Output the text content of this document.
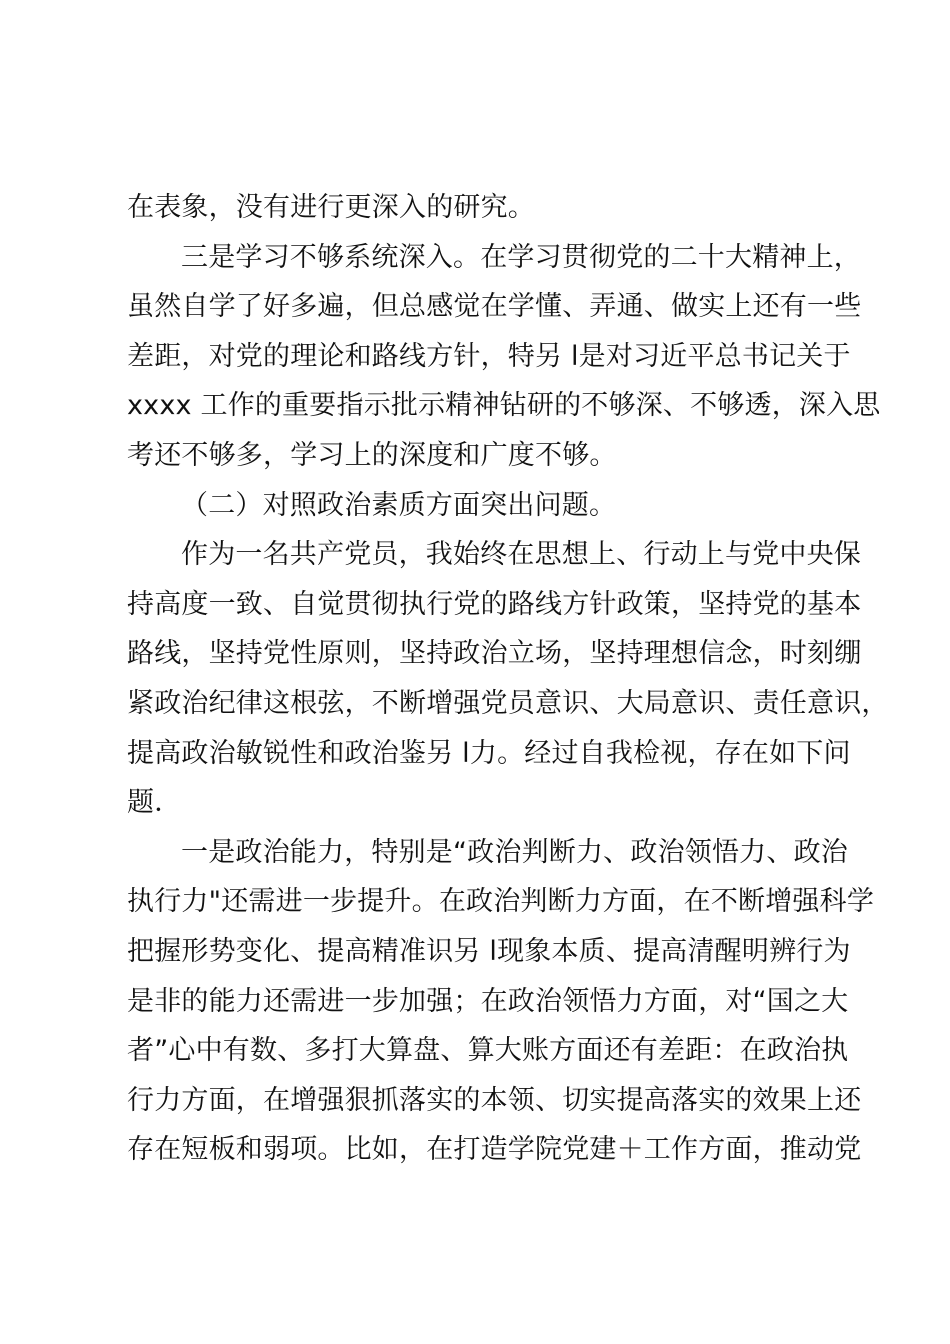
在表象，没有进行更深入的研究。
三是学习不够系统深入。在学习贯彻党的二十大精神上，
虽然自学了好多遍，但总感觉在学懂、弄通、做实上还有一些
差距，对党的理论和路线方针，特另 l是对习近平总书记关于
xxxx 工作的重要指示批示精神钻研的不够深、不够透，深入思
考还不够多，学习上的深度和广度不够。
（二）对照政治素质方面突出问题。
作为一名共产党员，我始终在思想上、行动上与党中央保
持高度一致、自觉贯彻执行党的路线方针政策，坚持党的基本
路线，坚持党性原则，坚持政治立场，坚持理想信念，时刻绷
紧政治纪律这根弦，不断增强党员意识、大局意识、责任意识，
提高政治敏锐性和政治鉴另 l力。经过自我检视，存在如下问
题．
一是政治能力，特别是“政治判断力、政治领悟力、政治
执行力"还需进一步提升。在政治判断力方面，在不断增强科学
把握形势变化、提高精准识另 l现象本质、提高清醒明辨行为
是非的能力还需进一步加强；在政治领悟力方面，对“国之大
者”心中有数、多打大算盘、算大账方面还有差距：在政治执
行力方面，在增强狠抓落实的本领、切实提高落实的效果上还
存在短板和弱项。比如，在打造学院党建＋工作方面，推动党
